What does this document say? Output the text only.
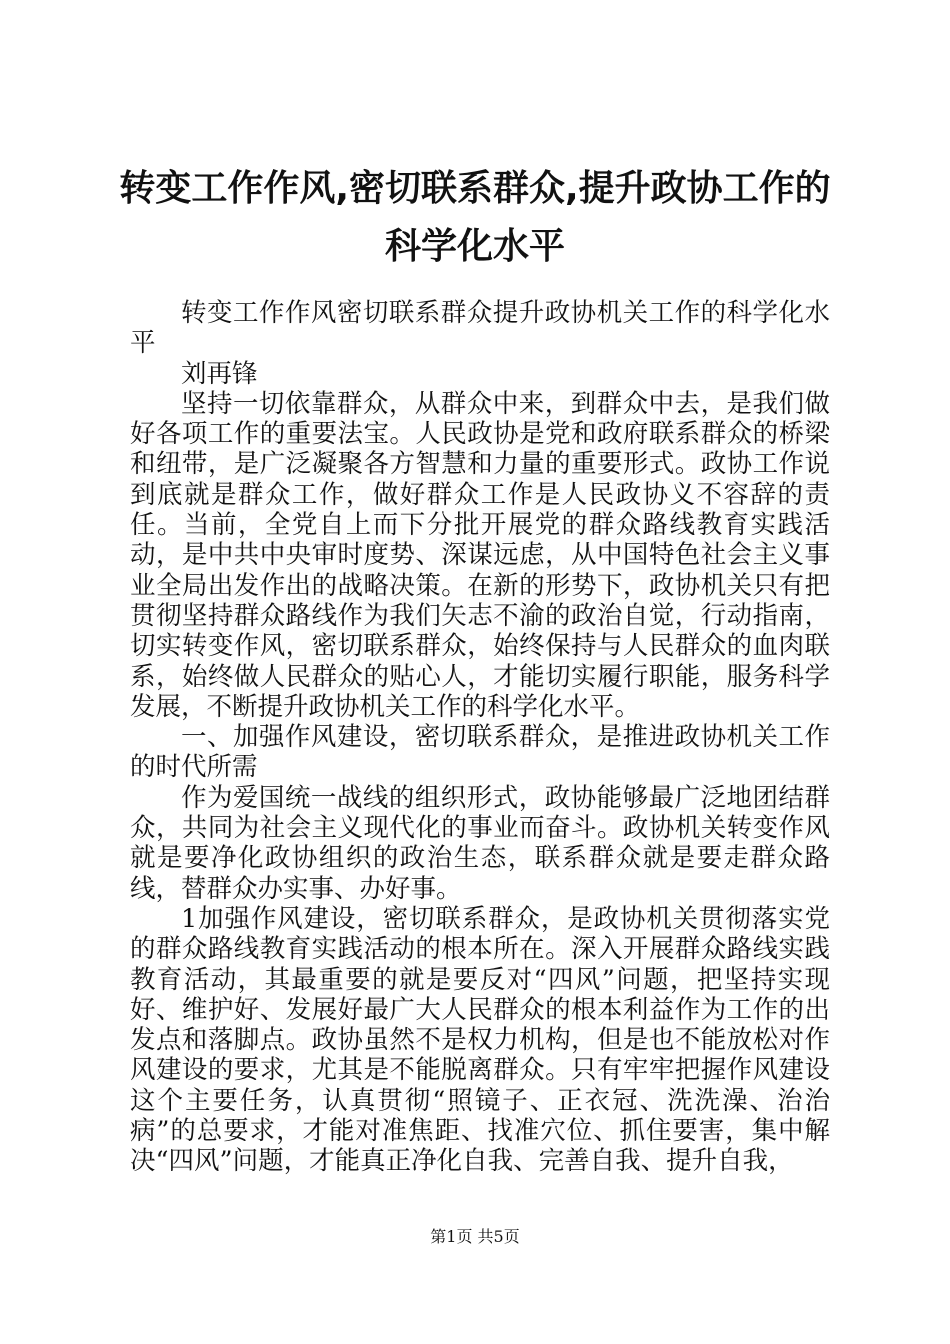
转变工作作风,密切联系群众,提升政协工作的
科学化水平

转变工作作风密切联系群众提升政协机关工作的科学化水平

刘再锋

坚持一切依靠群众，从群众中来，到群众中去，是我们做好各项工作的重要法宝。人民政协是党和政府联系群众的桥梁和纽带，是广泛凝聚各方智慧和力量的重要形式。政协工作说到底就是群众工作，做好群众工作是人民政协义不容辞的责任。当前，全党自上而下分批开展党的群众路线教育实践活动，是中共中央审时度势、深谋远虑，从中国特色社会主义事业全局出发作出的战略决策。在新的形势下，政协机关只有把贯彻坚持群众路线作为我们矢志不渝的政治自觉，行动指南，切实转变作风，密切联系群众，始终保持与人民群众的血肉联系，始终做人民群众的贴心人，才能切实履行职能，服务科学发展，不断提升政协机关工作的科学化水平。

一、加强作风建设，密切联系群众，是推进政协机关工作的时代所需

作为爱国统一战线的组织形式，政协能够最广泛地团结群众，共同为社会主义现代化的事业而奋斗。政协机关转变作风就是要净化政协组织的政治生态，联系群众就是要走群众路线，替群众办实事、办好事。

1加强作风建设，密切联系群众，是政协机关贯彻落实党的群众路线教育实践活动的根本所在。深入开展群众路线实践教育活动，其最重要的就是要反对“四风”问题，把坚持实现好、维护好、发展好最广大人民群众的根本利益作为工作的出发点和落脚点。政协虽然不是权力机构，但是也不能放松对作风建设的要求，尤其是不能脱离群众。只有牢牢把握作风建设这个主要任务，认真贯彻“照镜子、正衣冠、洗洗澡、治治病”的总要求，才能对准焦距、找准穴位、抓住要害，集中解决“四风”问题，才能真正净化自我、完善自我、提升自我，

第1页 共5页
